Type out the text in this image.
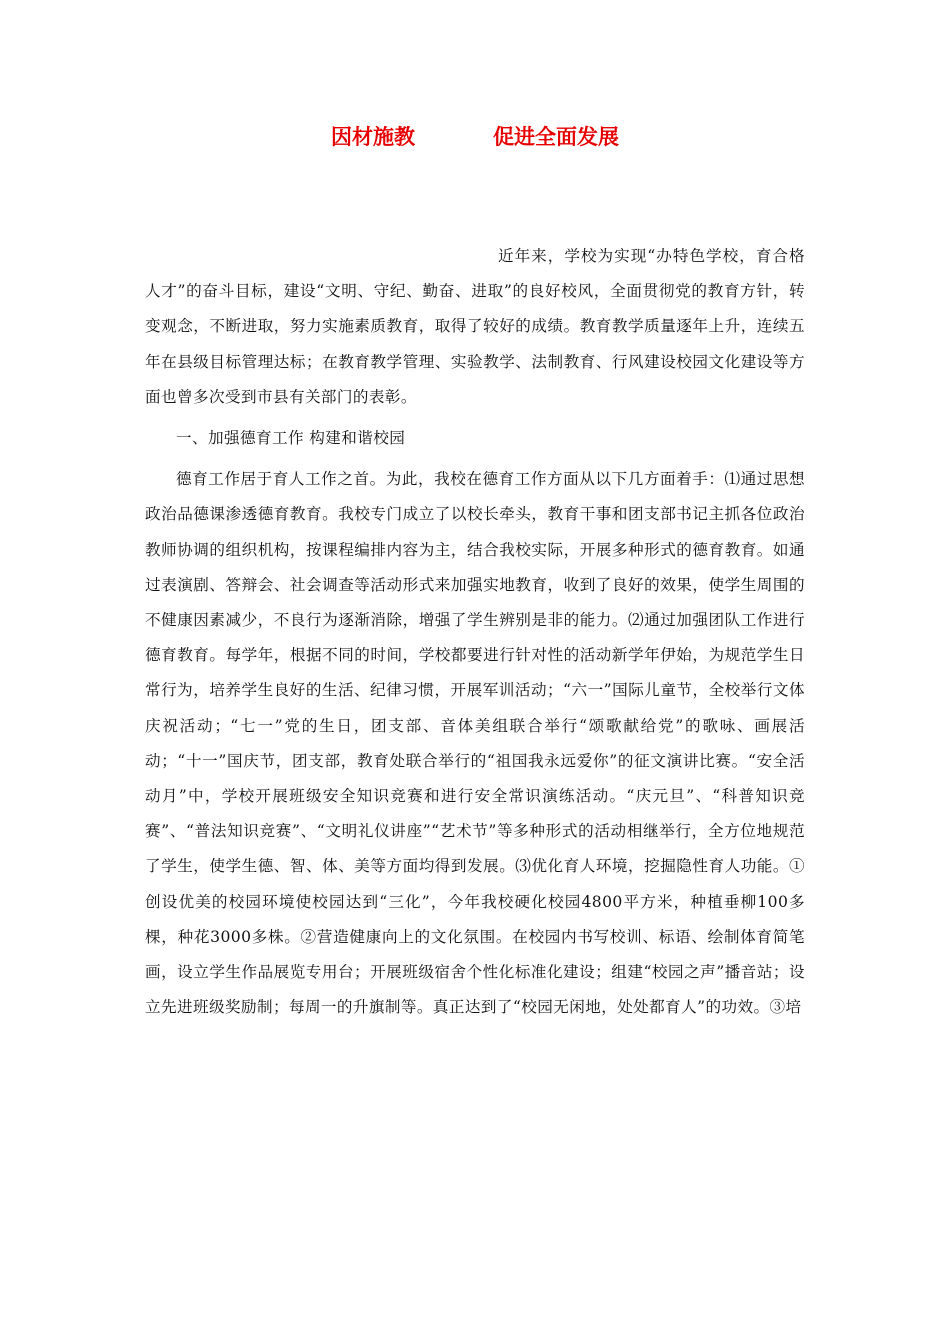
因材施教	促进全面发展

近年来，学校为实现“办特色学校，育合格人才”的奋斗目标，建设“文明、守纪、勤奋、进取”的良好校风，全面贯彻党的教育方针，转变观念，不断进取，努力实施素质教育，取得了较好的成绩。教育教学质量逐年上升，连续五年在县级目标管理达标；在教育教学管理、实验教学、法制教育、行风建设校园文化建设等方面也曾多次受到市县有关部门的表彰。

一、加强德育工作 构建和谐校园

德育工作居于育人工作之首。为此，我校在德育工作方面从以下几方面着手：⑴通过思想政治品德课渗透德育教育。我校专门成立了以校长牵头，教育干事和团支部书记主抓各位政治教师协调的组织机构，按课程编排内容为主，结合我校实际，开展多种形式的德育教育。如通过表演剧、答辩会、社会调查等活动形式来加强实地教育，收到了良好的效果，使学生周围的不健康因素减少，不良行为逐渐消除，增强了学生辨别是非的能力。⑵通过加强团队工作进行德育教育。每学年，根据不同的时间，学校都要进行针对性的活动新学年伊始，为规范学生日常行为，培养学生良好的生活、纪律习惯，开展军训活动；“六一”国际儿童节，全校举行文体庆祝活动；“七一”党的生日，团支部、音体美组联合举行“颂歌献给党”的歌咏、画展活动；“十一”国庆节，团支部，教育处联合举行的“祖国我永远爱你”的征文演讲比赛。“安全活动月”中，学校开展班级安全知识竞赛和进行安全常识演练活动。“庆元旦”、“科普知识竞赛”、“普法知识竞赛”、“文明礼仪讲座”“艺术节”等多种形式的活动相继举行，全方位地规范了学生，使学生德、智、体、美等方面均得到发展。⑶优化育人环境，挖掘隐性育人功能。①创设优美的校园环境使校园达到“三化”，今年我校硬化校园4800平方米，种植垂柳100多棵，种花3000多株。②营造健康向上的文化氛围。在校园内书写校训、标语、绘制体育简笔画，设立学生作品展览专用台；开展班级宿舍个性化标准化建设；组建“校园之声”播音站；设立先进班级奖励制；每周一的升旗制等。真正达到了“校园无闲地，处处都育人”的功效。③培
